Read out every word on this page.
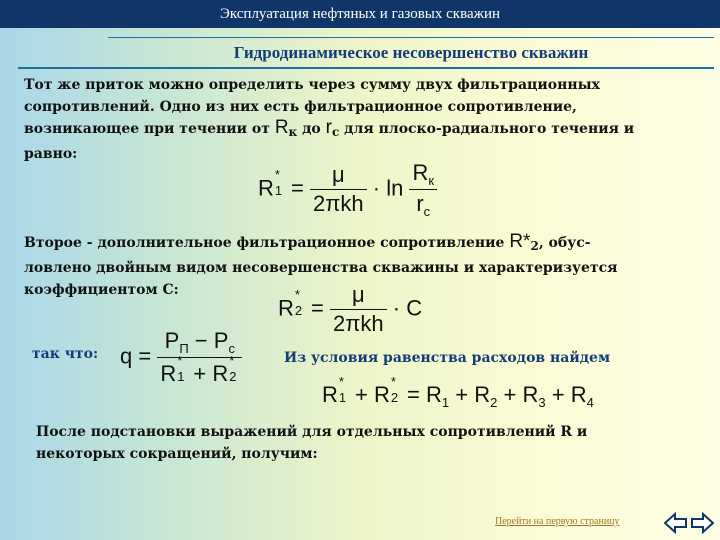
Эксплуатация нефтяных и газовых скважин
Гидродинамическое несовершенство скважин
Тот же приток можно определить через сумму двух фильтрационных
сопротивлений. Одно из них есть фильтрационное сопротивление,
возникающее при течении от Rк до rс для плоско-радиального течения и
равно:
R
*
$1 = \frac{\mu}{\text{2πkh}} \cdot \ln \frac{R_к}{r_с}$
Второе - дополнительное фильтрационное сопротивление R*2, обус-
ловлено двойным видом несовершенства скважины и характеризуется
коэффициентом С:
R
*
$2 = \frac{\mu}{\text{2πkh}} \cdot C$
так что: $q = P_П - P_с$
R
*
1 + R
*
2	Из условия равенства расходов найдем
R
*
1 + R
*
$2 = R_1 + R_2 + R_3 + R_4$
После подстановки выражений для отдельных сопротивлений R и
некоторых сокращений, получим:
Перейти на первую страницу
